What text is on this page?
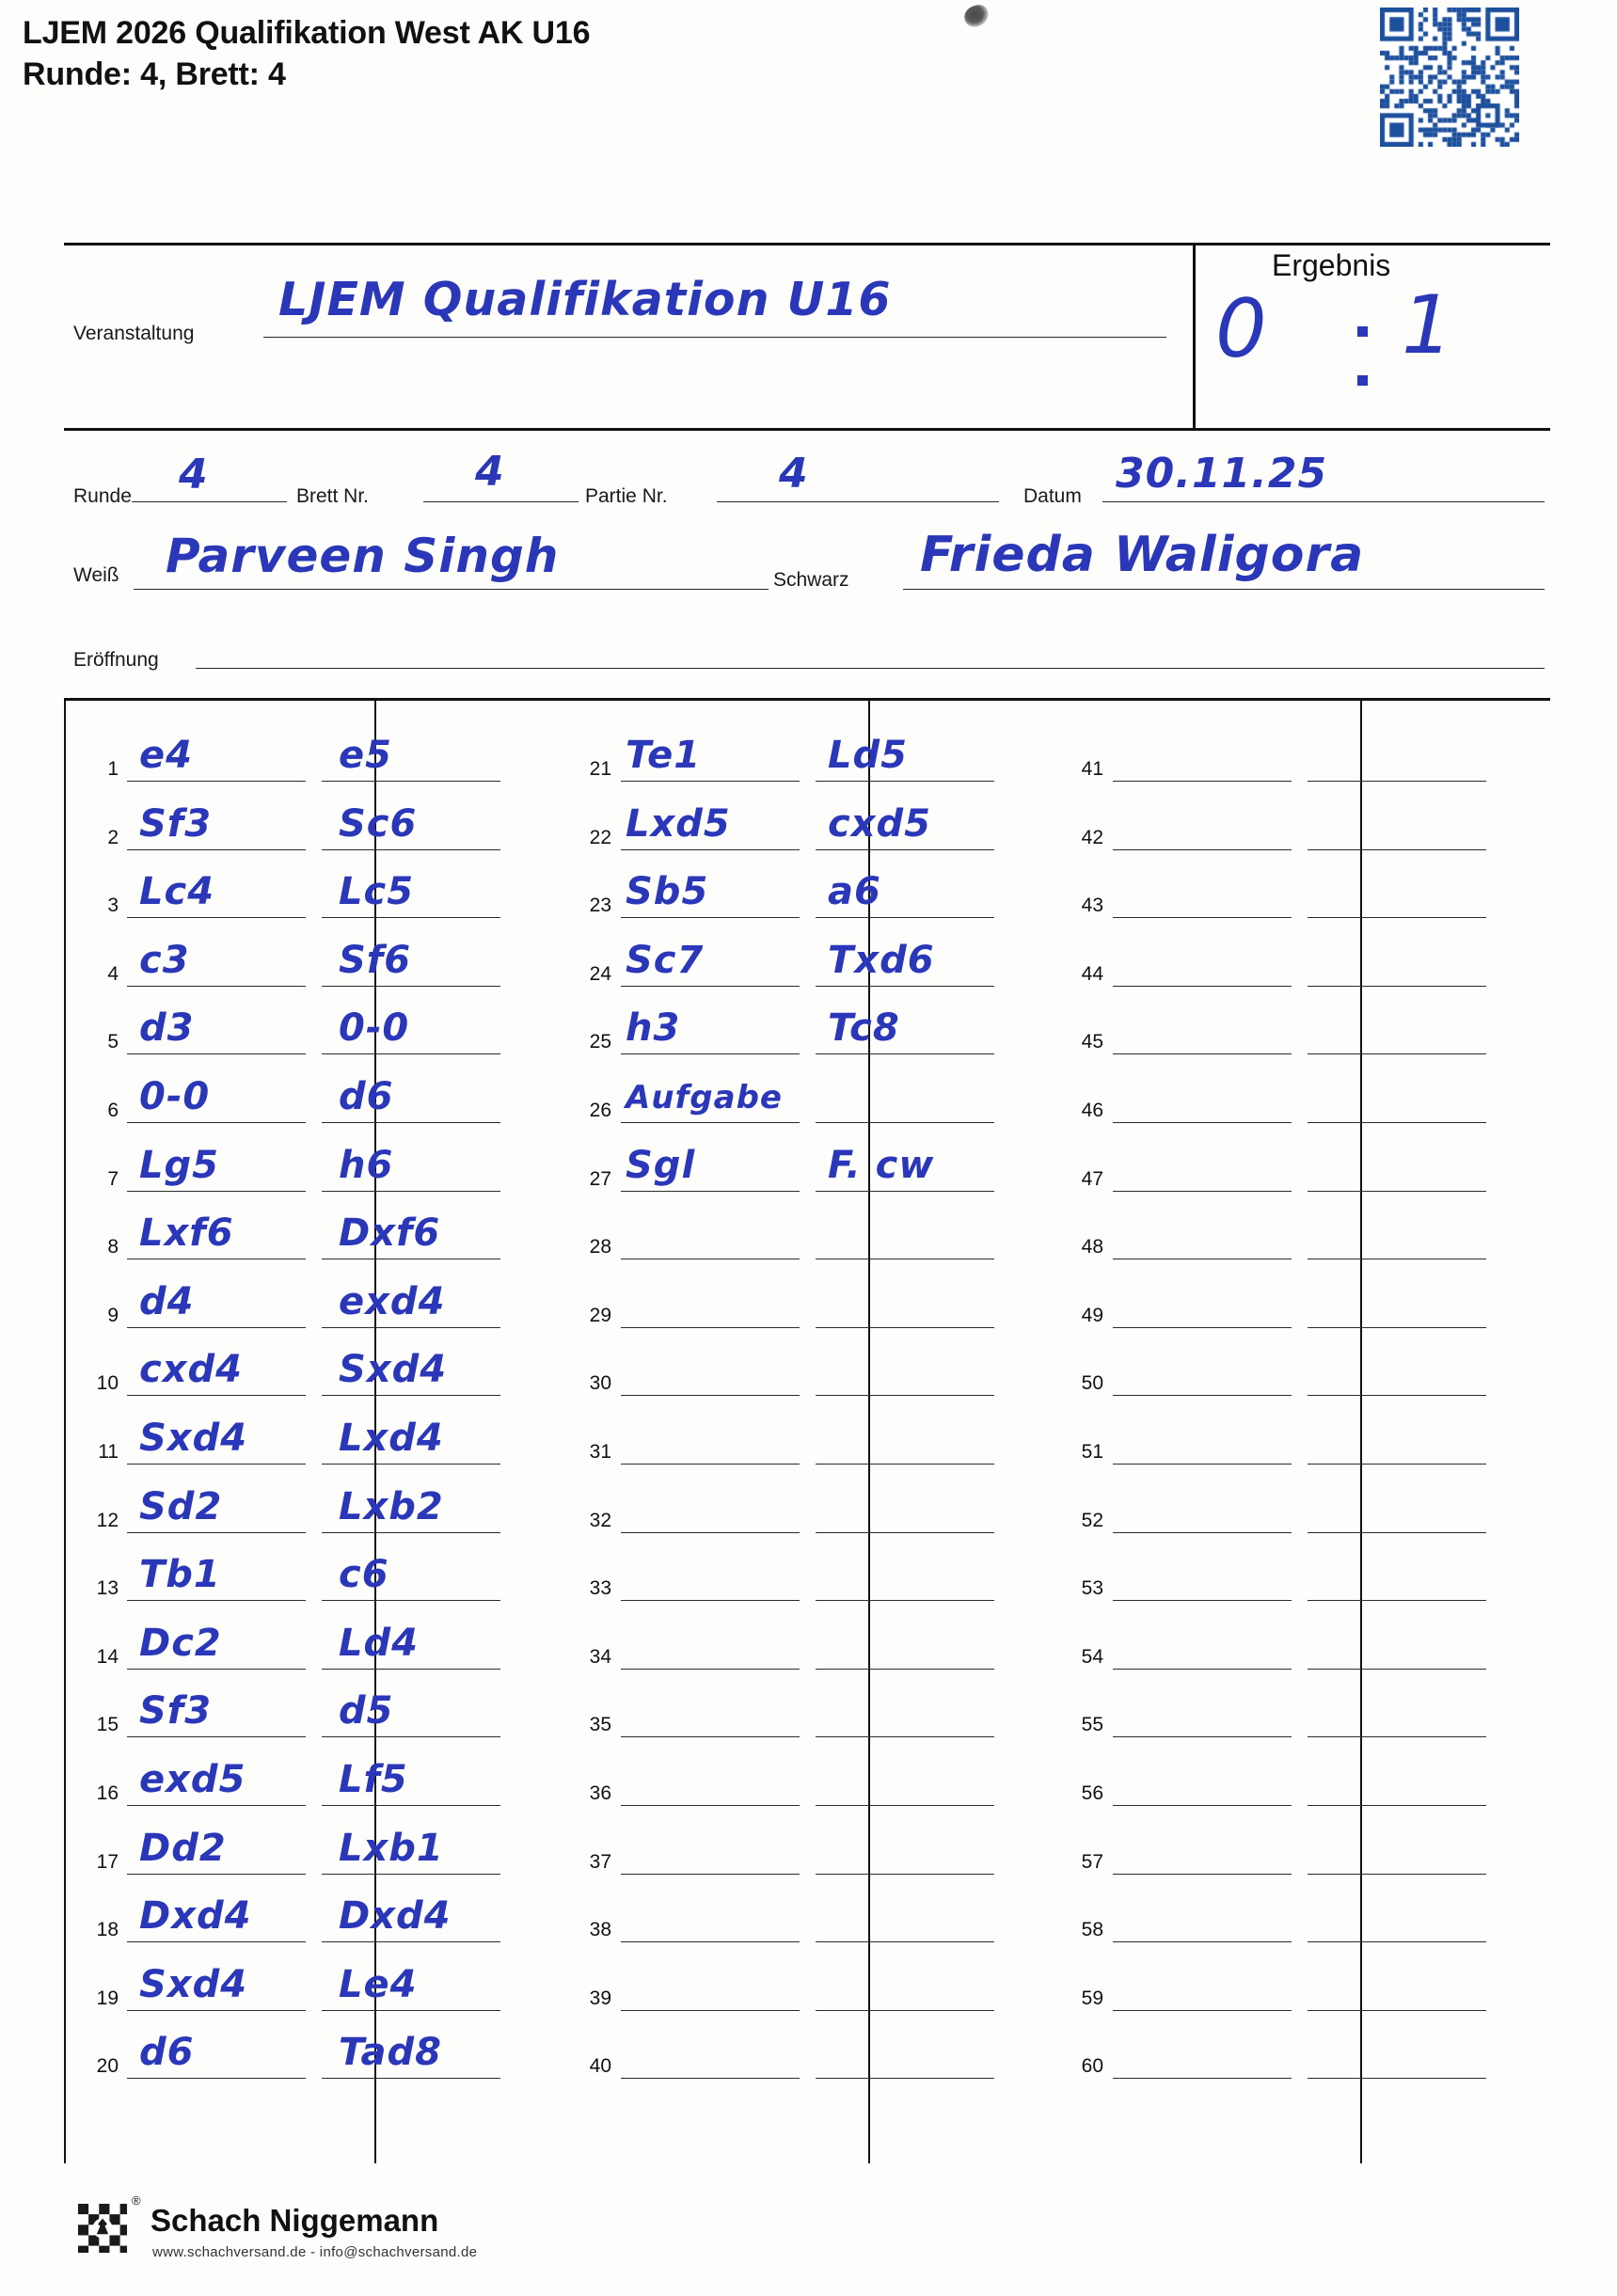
LJEM 2026 Qualifikation West AK U16
Runde: 4, Brett: 4
Veranstaltung
LJEM Qualifikation U16
Ergebnis
0 1
Runde 4	Brett Nr.
4
Partie Nr.	4	Datum 30.11.25
Weiß Parveen Singh	Schwarz Frieda Waligora
Eröffnung
1 e4	e5
2 Sf3	Sc6
3 Lc4	Lc5
4 c3	Sf6
5 d3	0-0
6 0-0	d6
7 Lg5	h6
8 Lxf6	Dxf6
9 d4	exd4
10 cxd4	Sxd4
11 Sxd4 Lxd4
12 Sd2	Lxb2
13 Tb1	c6
14 Dc2	Ld4
15 Sf3	d5
16 exd5 Lf5
17 Dd2	Lxb1
18 Dxd4 Dxd4
19 Sxd4 Le4
20 d6	Tad8
21 Te1	Ld5
22 Lxd5	cxd5
23 Sb5	a6
24 Sc7	Txd6
25 h3	Tc8
26 Aufgabe
27 Sgl	F. cw
28
29
30
31
32
33
34
35
36
37
38
39
40
41
42
43
44
45
46
47
48
49
50
51
52
53
54
55
56
57
58
59
60
®
Schach Niggemann
www.schachversand.de - info@schachversand.de
